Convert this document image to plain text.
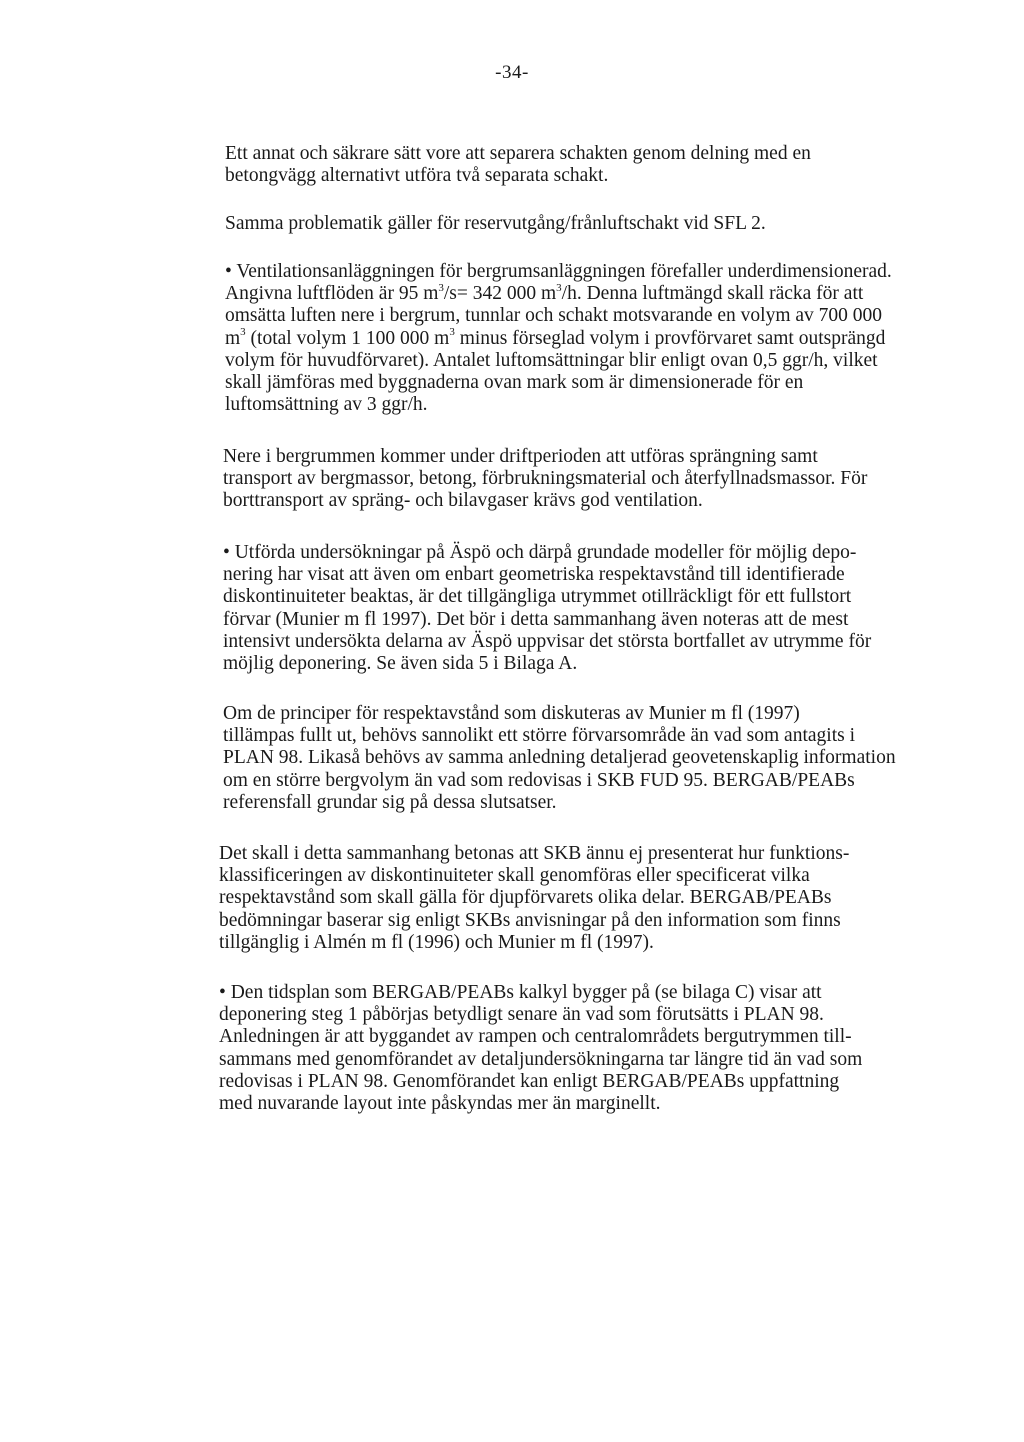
-34-

Ett annat och säkrare sätt vore att separera schakten genom delning med en
betongvägg alternativt utföra två separata schakt.

Samma problematik gäller för reservutgång/frånluftschakt vid SFL 2.

• Ventilationsanläggningen för bergrumsanläggningen förefaller underdimensionerad.
Angivna luftflöden är 95 $m^3/s= 342$ 000 $m^3/h$. Denna luftmängd skall räcka för att
omsätta luften nere i bergrum, tunnlar och schakt motsvarande en volym av 700 000
$m^3$ (total volym 1 100 000 $m^3$ minus förseglad volym i provförvaret samt outsprängd
volym för huvudförvaret). Antalet luftomsättningar blir enligt ovan 0,5 ggr/h, vilket
skall jämföras med byggnaderna ovan mark som är dimensionerade för en
luftomsättning av 3 ggr/h.

Nere i bergrummen kommer under driftperioden att utföras sprängning samt
transport av bergmassor, betong, förbrukningsmaterial och återfyllnadsmassor. För
borttransport av spräng- och bilavgaser krävs god ventilation.

• Utförda undersökningar på Äspö och därpå grundade modeller för möjlig depo-
nering har visat att även om enbart geometriska respektavstånd till identifierade
diskontinuiteter beaktas, är det tillgängliga utrymmet otillräckligt för ett fullstort
förvar (Munier m fl 1997). Det bör i detta sammanhang även noteras att de mest
intensivt undersökta delarna av Äspö uppvisar det största bortfallet av utrymme för
möjlig deponering. Se även sida 5 i Bilaga A.

Om de principer för respektavstånd som diskuteras av Munier m fl (1997)
tillämpas fullt ut, behövs sannolikt ett större förvarsområde än vad som antagits i
PLAN 98. Likaså behövs av samma anledning detaljerad geovetenskaplig information
om en större bergvolym än vad som redovisas i SKB FUD 95. BERGAB/PEABs
referensfall grundar sig på dessa slutsatser.

Det skall i detta sammanhang betonas att SKB ännu ej presenterat hur funktions-
klassificeringen av diskontinuiteter skall genomföras eller specificerat vilka
respektavstånd som skall gälla för djupförvarets olika delar. BERGAB/PEABs
bedömningar baserar sig enligt SKBs anvisningar på den information som finns
tillgänglig i Almén m fl (1996) och Munier m fl (1997).

• Den tidsplan som BERGAB/PEABs kalkyl bygger på (se bilaga C) visar att
deponering steg 1 påbörjas betydligt senare än vad som förutsätts i PLAN 98.
Anledningen är att byggandet av rampen och centralområdets bergutrymmen till-
sammans med genomförandet av detaljundersökningarna tar längre tid än vad som
redovisas i PLAN 98. Genomförandet kan enligt BERGAB/PEABs uppfattning
med nuvarande layout inte påskyndas mer än marginellt.
